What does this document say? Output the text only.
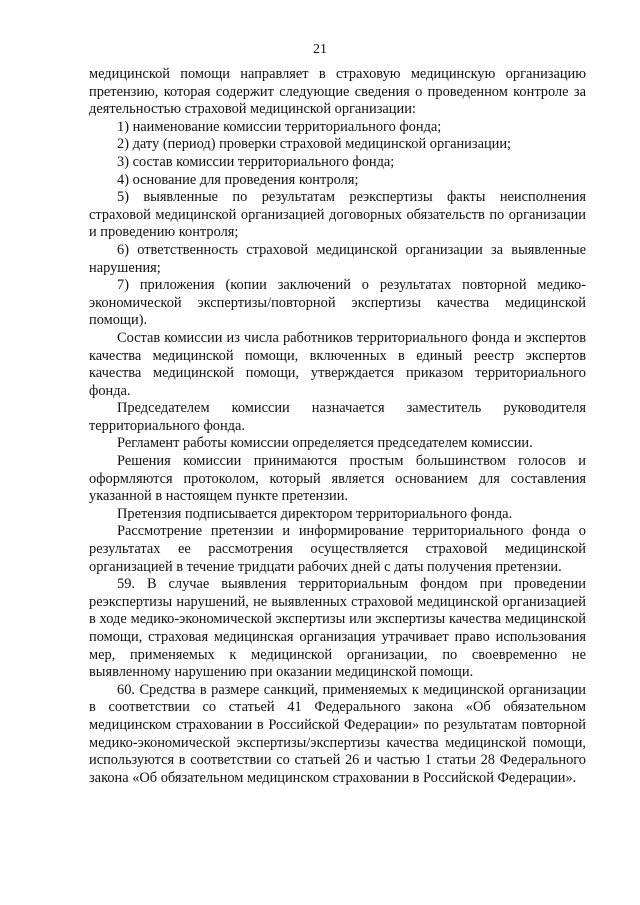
21

медицинской помощи направляет в страховую медицинскую организацию претензию, которая содержит следующие сведения о проведенном контроле за деятельностью страховой медицинской организации:

1) наименование комиссии территориального фонда;

2) дату (период) проверки страховой медицинской организации;

3) состав комиссии территориального фонда;

4) основание для проведения контроля;

5) выявленные по результатам реэкспертизы факты неисполнения страховой медицинской организацией договорных обязательств по организации и проведению контроля;

6) ответственность страховой медицинской организации за выявленные нарушения;

7) приложения (копии заключений о результатах повторной медико-экономической экспертизы/повторной экспертизы качества медицинской помощи).

Состав комиссии из числа работников территориального фонда и экспертов качества медицинской помощи, включенных в единый реестр экспертов качества медицинской помощи, утверждается приказом территориального фонда.

Председателем комиссии назначается заместитель руководителя территориального фонда.

Регламент работы комиссии определяется председателем комиссии.

Решения комиссии принимаются простым большинством голосов и оформляются протоколом, который является основанием для составления указанной в настоящем пункте претензии.

Претензия подписывается директором территориального фонда.

Рассмотрение претензии и информирование территориального фонда о результатах ее рассмотрения осуществляется страховой медицинской организацией в течение тридцати рабочих дней с даты получения претензии.

59. В случае выявления территориальным фондом при проведении реэкспертизы нарушений, не выявленных страховой медицинской организацией в ходе медико-экономической экспертизы или экспертизы качества медицинской помощи, страховая медицинская организация утрачивает право использования мер, применяемых к медицинской организации, по своевременно не выявленному нарушению при оказании медицинской помощи.

60. Средства в размере санкций, применяемых к медицинской организации в соответствии со статьей 41 Федерального закона «Об обязательном медицинском страховании в Российской Федерации» по результатам повторной медико-экономической экспертизы/экспертизы качества медицинской помощи, используются в соответствии со статьей 26 и частью 1 статьи 28 Федерального закона «Об обязательном медицинском страховании в Российской Федерации».
